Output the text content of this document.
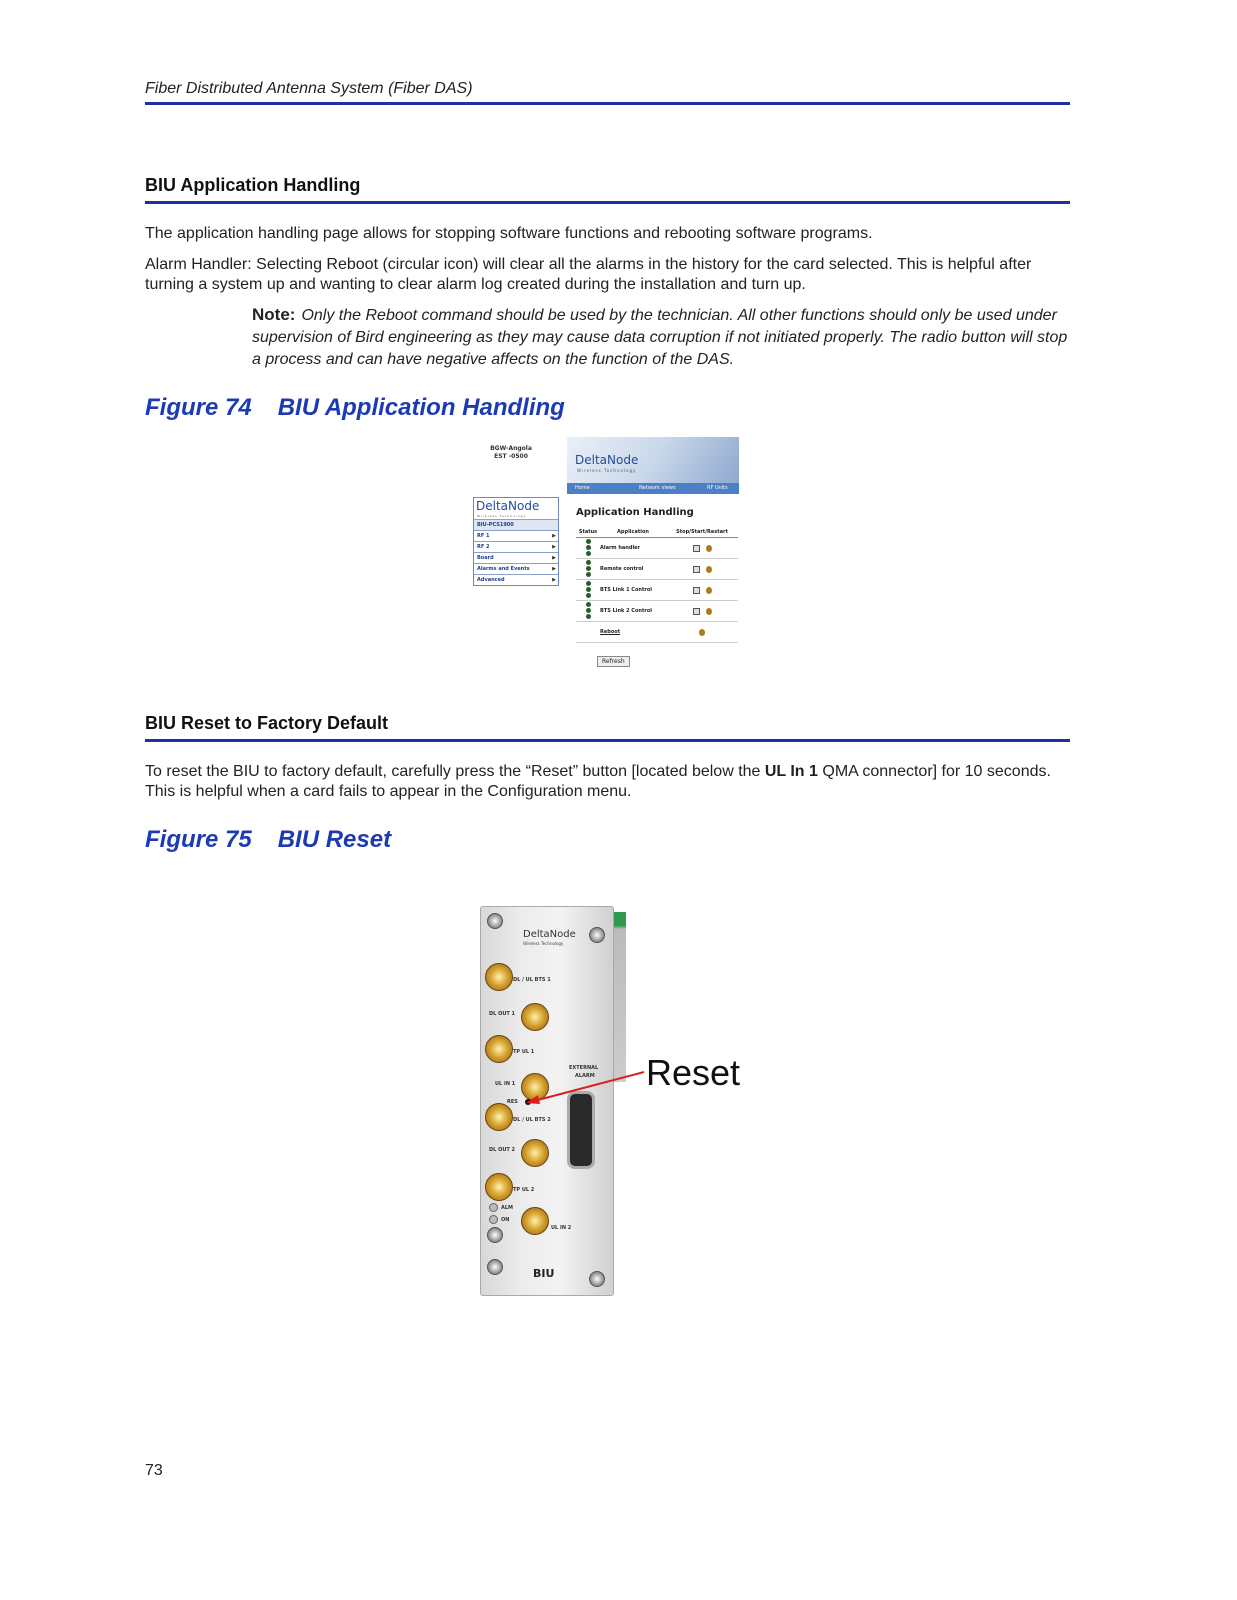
Fiber Distributed Antenna System (Fiber DAS)
BIU Application Handling
The application handling page allows for stopping software functions and rebooting software programs.
Alarm Handler: Selecting Reboot (circular icon) will clear all the alarms in the history for the card selected. This is helpful after turning a system up and wanting to clear alarm log created during the installation and turn up.
Note: Only the Reboot command should be used by the technician. All other functions should only be used under supervision of Bird engineering as they may cause data corruption if not initiated properly. The radio button will stop a process and can have negative affects on the function of the DAS.
Figure 74 BIU Application Handling
BGW-Angola
EST -0500	DeltaNode
Wireless Technology
Home	Network views	RF Units
DeltaNode
Wireless Technology
BIU-PCS1900
RF 1	▶
RF 2	▶
Board	▶
Alarms and Events	▶
Advanced	▶
Application Handling
Status	Application	Stop/Start/Restart

	Alarm handler	

	Remote control	

	BTS Link 1 Control	

	BTS Link 2 Control	
	Reboot	
Refresh
BIU Reset to Factory Default
To reset the BIU to factory default, carefully press the “Reset” button [located below the UL In 1 QMA connector] for 10 seconds. This is helpful when a card fails to appear in the Configuration menu.
Figure 75 BIU Reset
DeltaNode
Wireless Technology
DL / UL BTS 1
DL OUT 1
TP UL 1
EXTERNAL
ALARM
UL IN 1
RES
DL / UL BTS 2
DL OUT 2
TP UL 2
ALM
ON
UL IN 2
BIU
Reset
73
